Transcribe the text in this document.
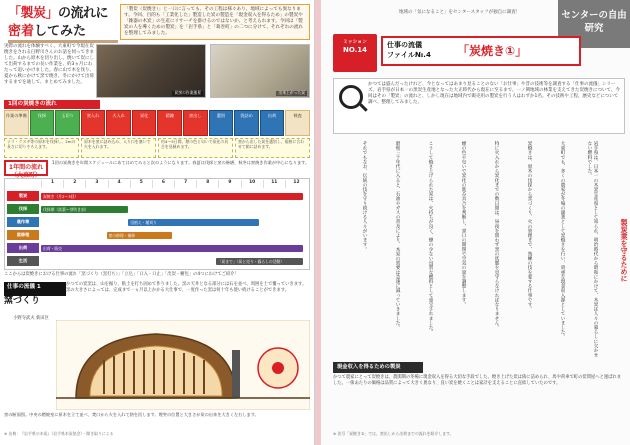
「製炭」の流れに
密着してみた
「製炭（炭焼き）」と一口に言っても、その工程は様々あり、地域によっても異なります。今回、目的も「工業化した」製造した炭の製造を「現金収入を得るため」の製炭や「雑器の木炭」の生産にリサーチを掛けるのではないか、と考えられます。今回は「製炭の人を導くための製炭」を「岩手県」と「葛巻町」の二つに分けて、それぞれの流れを整理してみました。
実際の流れを体験すべく、大東町で今現在炭焼きをされる臼野川さんのお話を伺ってきました。山から原木を切り出し、焼いて炭にして出荷するまでの長い作業を、約3ヵ月にわたって追いかけました。春に山で木を伐り、夏から秋にかけて窯で焼き、冬にかけて出荷するまでを通して、まとめてみました。
炭窯の作業風景	出来上がった炭
1回の炭焼きの流れ
作業の準備	伐採	玉切り	窯入れ	火入れ	炭化	精錬	窯出し	選別	袋詰め	出荷	検査
ナラ・クヌギ等の原木を伐採し、2mの長さに切りそろえます。
原木を窯に詰め込み、入り口を塞いで火を入れます。
約4〜5日間、煙の色と匂いで炭化の具合を見極めます。
窯から出した炭を選別し、規格に合わせて箱に詰めます。
1年間の流れ（大東町）
1回の炭焼きを年間スケジュールにあてはめてみると次のようになります。春夏は伐採と窯の修繕、秋冬は窯焼き作業が中心になります。
1	2	3	4	5	6	7	8	9	10	11	12
製炭	炭焼き（月2〜3回）
伐採	伐採期（落葉〜芽吹き前）
農作業	田植え・稲刈り
窯修理	窯の修理・補修
出荷	出荷・販売
生活	「炭まで」（炭と売り・暮らしの活動）
ここからは炭焼きにおける仕事の流れ「窯づくり（窯打ち）」「立込」「口入・口止」「出炭・梱包」の4つにわけてご紹介！
仕事の流儀 1
窯づくり
かつての炭窯は、山を掘り、粘土を打ち固めて作りました。窯の天井となる部分には石を並べ、周囲を土で覆っていきます。窯の大きさによっては、完成まで一ヵ月以上かかる大仕事で、一度作った窯は何十年も使い続けることができます。
小野寺武夫 新田区
窯の断面図。中央の燃焼室に原木を立て並べ、焚口から火を入れて熱を回します。煙突の位置と大きさが炭の出来を大きく左右します。
※ 出典：『岩手県の木炭』（岩手県木炭協会）・聞き取りによる
地域の「気になること」をセンタースタッフが独自に調査！	センターの自由研究
ミッション
NO.14
仕事の流儀
ファイル№.4 「炭焼き①」
かつては盛んだったけれど、今となってはあまり見ることのない「お仕事」や昔の技術等を調査する「仕事の流儀」シリーズ。岩手県が日本一の黒炭生産地となった大正時代から現在に至るまで、一ノ関地域の林業を支えてきた炭焼きについて、今回はその「製炭」の流れと、しかし現在は地域内で販売用の製炭を行う人はわずか1名。その技術や工程、歴史などについて調べ、整理してみました。
岩手県は、日本一の木炭生産県として知られ、明治時代から昭和にかけて、木炭は人々の暮らしに欠かせない燃料でした。
大東町でも、多くの農家が冬場の副業として炭焼きを行い、貴重な現金収入源としていました。
炭焼きは、原木の伐採から窯づくり、火の管理まで、熟練の技を要する仕事です。
特に火入れから炭化までの数日間は、昼夜を問わず窯の状態を見守らなければなりません。
煙の色や匂いで炭化の進み具合を判断し、窯口の開閉で空気の量を調整します。
こうして焼き上げられた炭は、火持ちが良く、煙の少ない良質な燃料として重宝されました。
昭和三十年代に入ると、石油やガスの普及により、木炭の需要は急速に減っていきました。
それでもなお、伝統の技を守り続ける人々がいます。	製炭業を守るために
現金収入を得るための製炭
かつて農家にとって炭焼きは、農閑期の冬場に現金収入を得る大切な手段でした。焼き上げた炭は俵に詰められ、馬や荷車で町の炭問屋へと運ばれました。一俵あたりの価格は品質によって大きく異なり、良い炭を焼くことは家計を支えることに直結していたのです。
※ 次号「炭焼き②」では、窯出しから出荷までの流れを紹介します。
